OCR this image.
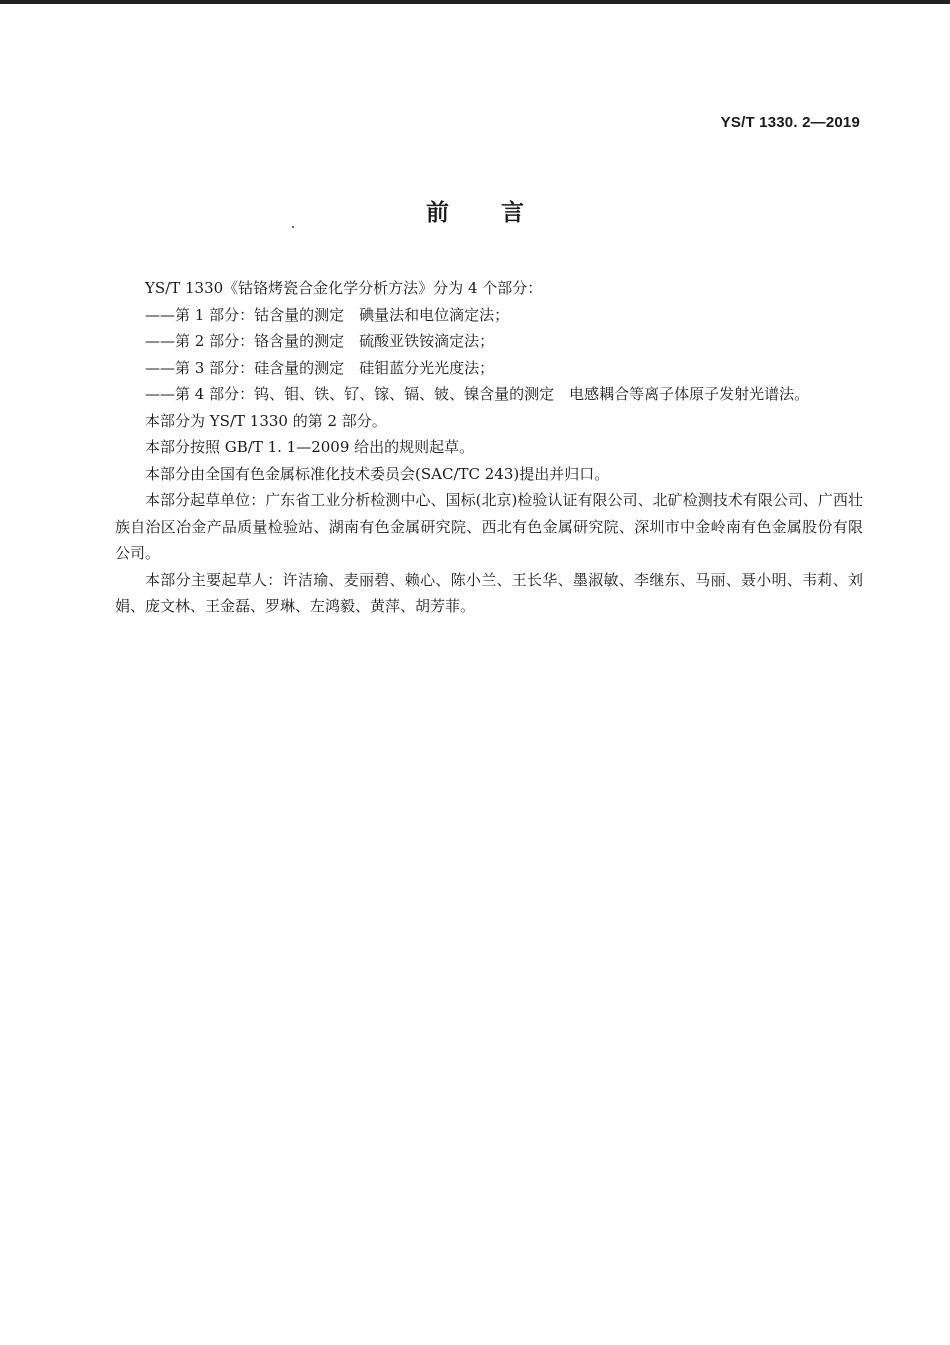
YS/T 1330. 2—2019
前言

YS/T 1330《钴铬烤瓷合金化学分析方法》分为 4 个部分：

——第 1 部分：钴含量的测定　碘量法和电位滴定法；
——第 2 部分：铬含量的测定　硫酸亚铁铵滴定法；
——第 3 部分：硅含量的测定　硅钼蓝分光光度法；
——第 4 部分：钨、钼、铁、钌、镓、镉、铍、镍含量的测定　电感耦合等离子体原子发射光谱法。

本部分为 YS/T 1330 的第 2 部分。

本部分按照 GB/T 1. 1—2009 给出的规则起草。

本部分由全国有色金属标准化技术委员会(SAC/TC 243)提出并归口。

本部分起草单位：广东省工业分析检测中心、国标(北京)检验认证有限公司、北矿检测技术有限公司、广西壮族自治区冶金产品质量检验站、湖南有色金属研究院、西北有色金属研究院、深圳市中金岭南有色金属股份有限公司。

本部分主要起草人：许洁瑜、麦丽碧、赖心、陈小兰、王长华、墨淑敏、李继东、马丽、聂小明、韦莉、刘娟、庞文林、王金磊、罗琳、左鸿毅、黄萍、胡芳菲。
